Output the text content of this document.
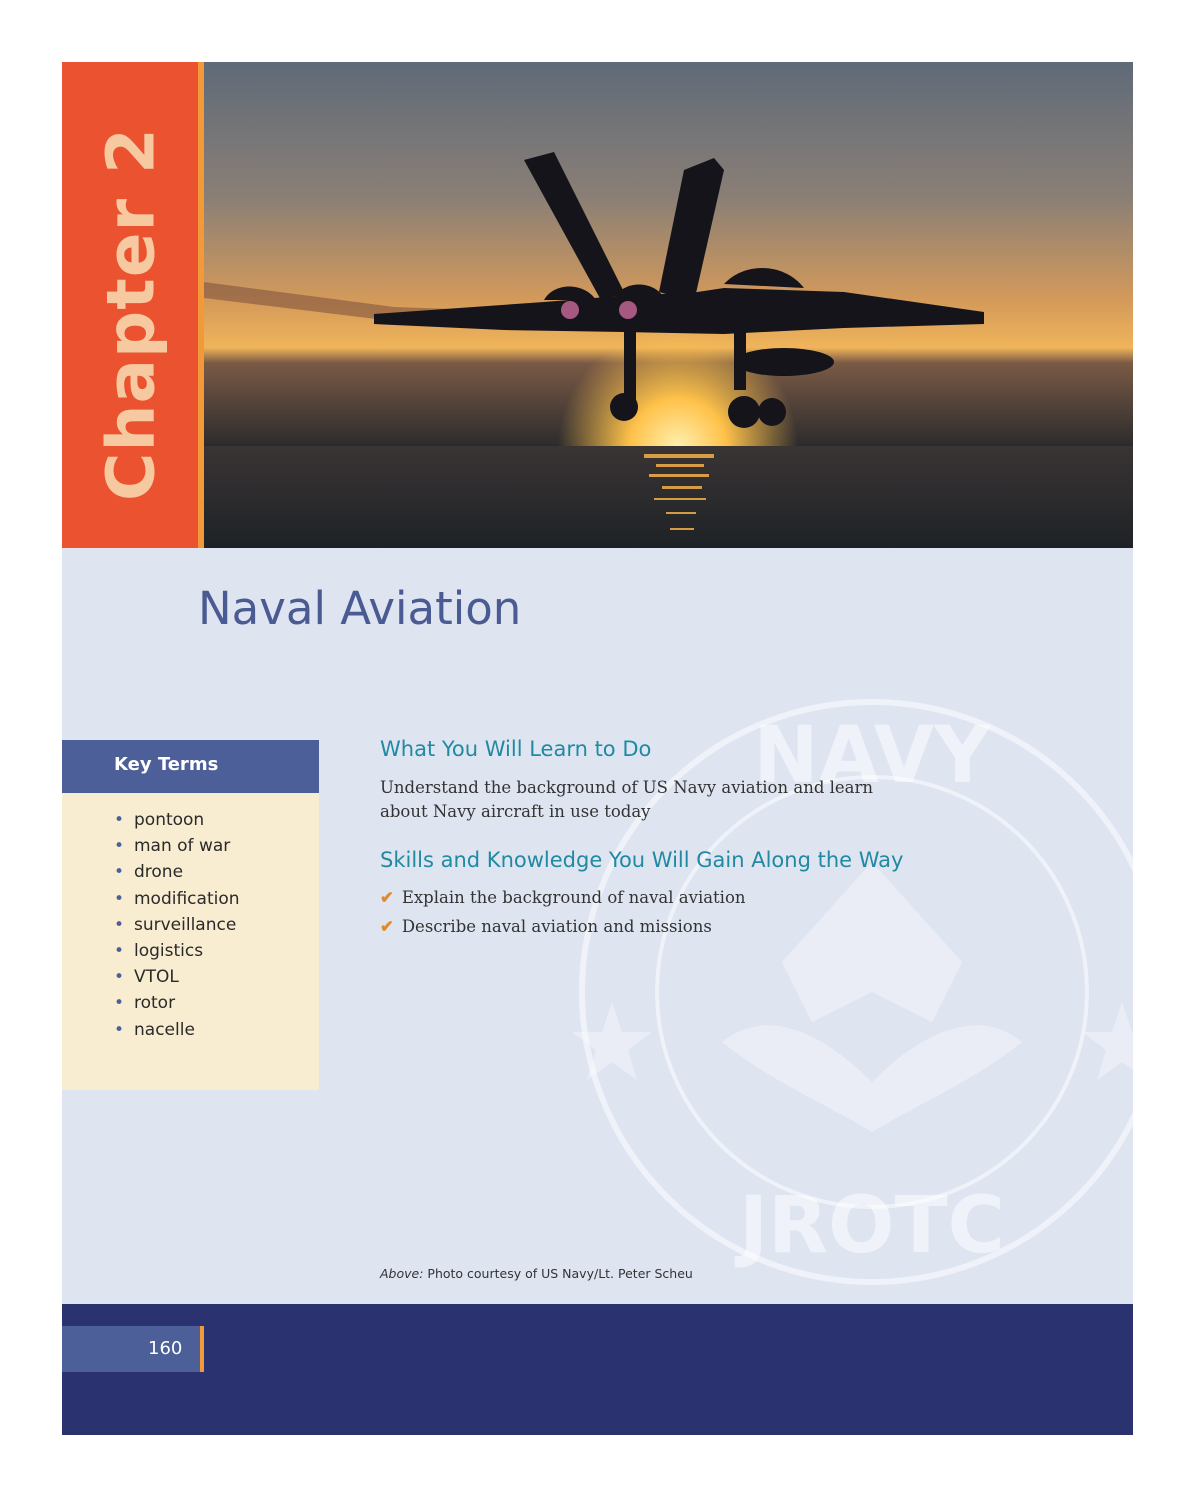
Chapter 2
Naval Aviation
NAVY
JROTC
Key Terms
• pontoon
• man of war
• drone
• modification
• surveillance
• logistics
• VTOL
• rotor
• nacelle
What You Will Learn to Do
Understand the background of US Navy aviation and learn about Navy aircraft in use today
Skills and Knowledge You Will Gain Along the Way
✔ Explain the background of naval aviation
✔ Describe naval aviation and missions
Above: Photo courtesy of US Navy/Lt. Peter Scheu
160
